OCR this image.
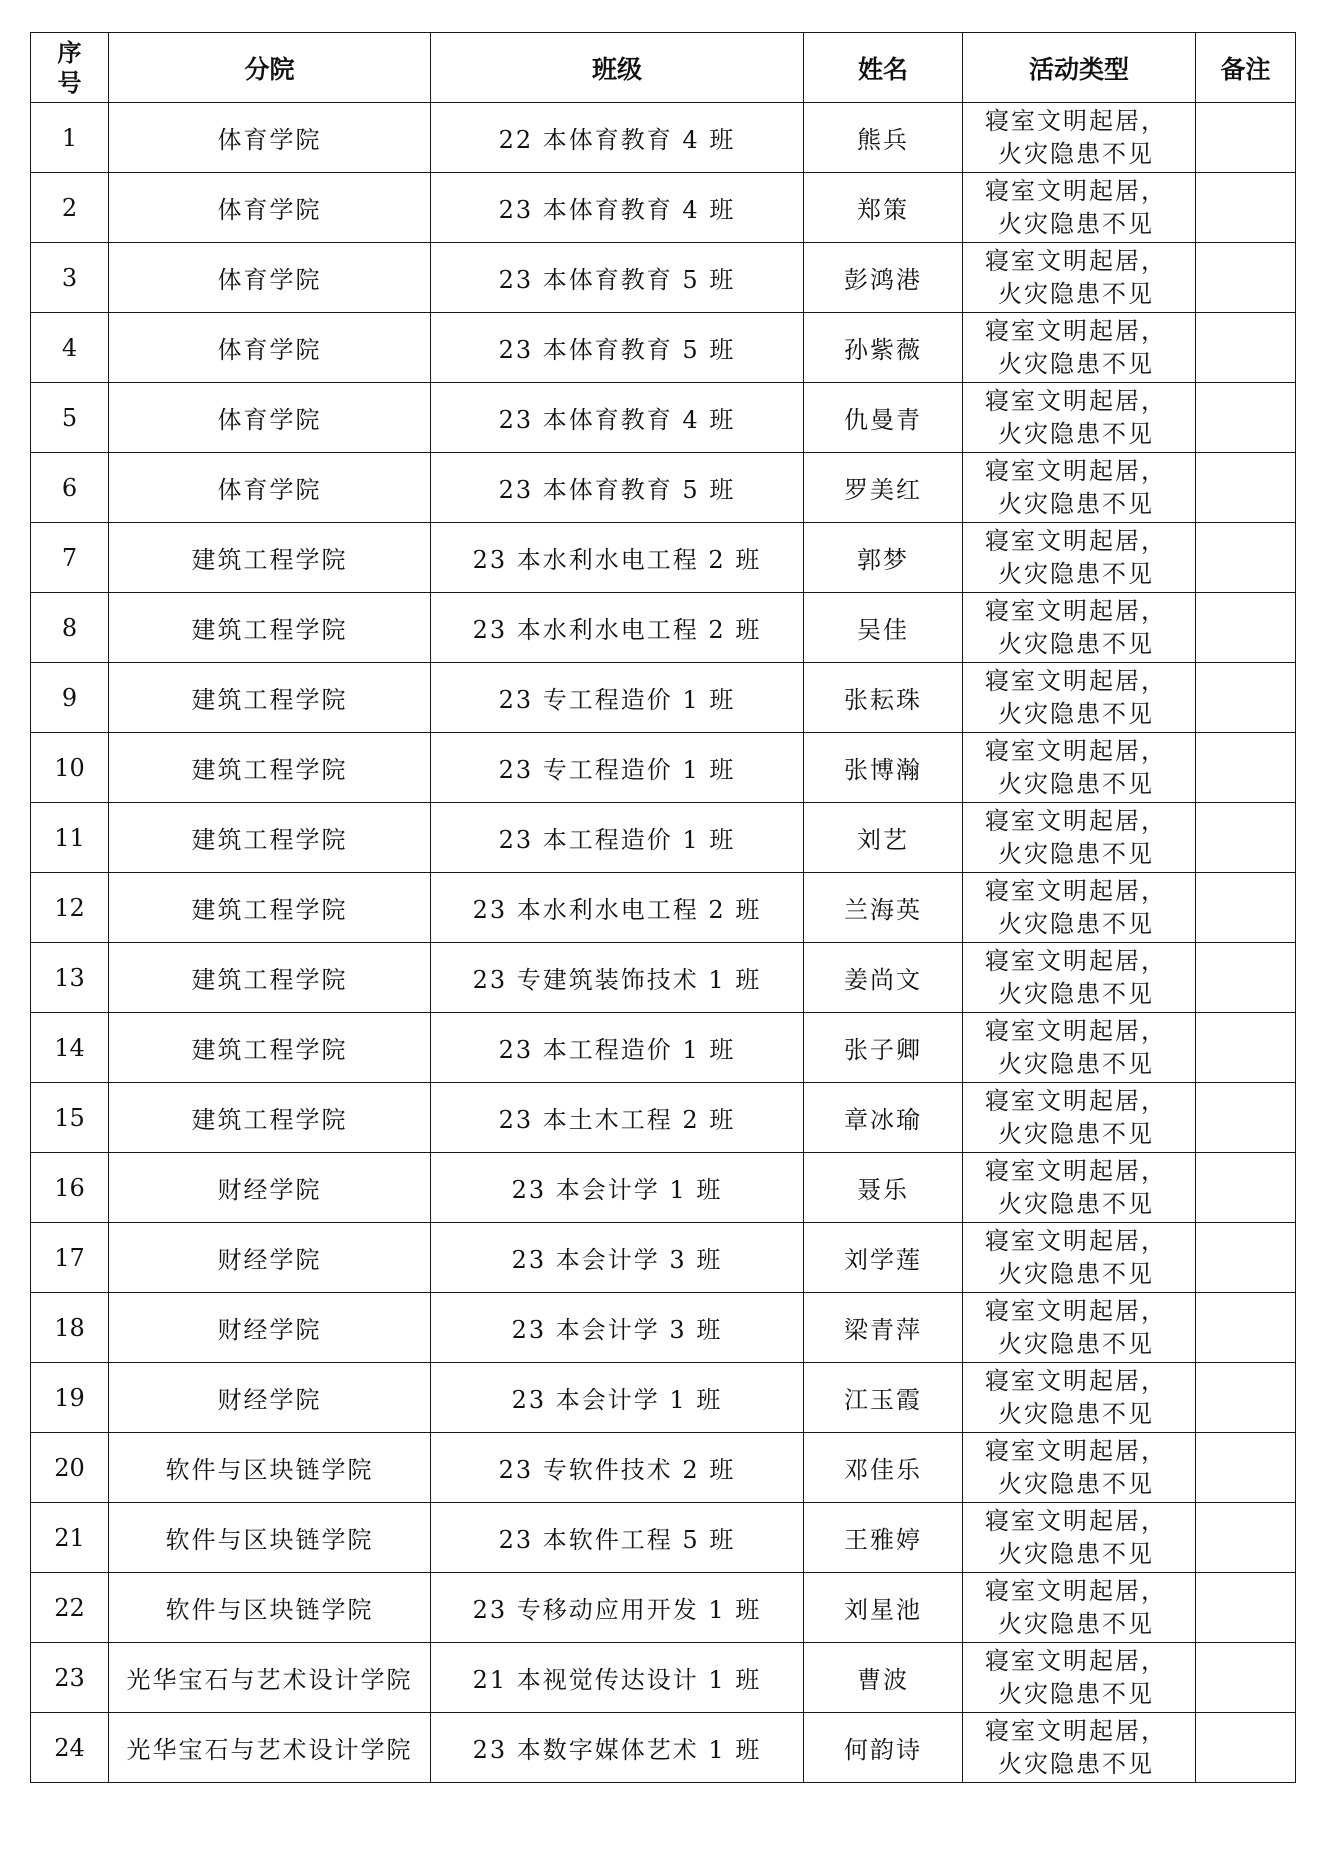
序号	分院	班级	姓名	活动类型	备注
1	体育学院	22 本体育教育 4 班	熊兵	寝室文明起居，
火灾隐患不见	

2	体育学院	23 本体育教育 4 班	郑策	寝室文明起居，
火灾隐患不见	

3	体育学院	23 本体育教育 5 班	彭鸿港	寝室文明起居，
火灾隐患不见	

4	体育学院	23 本体育教育 5 班	孙紫薇	寝室文明起居，
火灾隐患不见	

5	体育学院	23 本体育教育 4 班	仇曼青	寝室文明起居，
火灾隐患不见	

6	体育学院	23 本体育教育 5 班	罗美红	寝室文明起居，
火灾隐患不见	

7	建筑工程学院	23 本水利水电工程 2 班	郭梦	寝室文明起居，
火灾隐患不见	

8	建筑工程学院	23 本水利水电工程 2 班	吴佳	寝室文明起居，
火灾隐患不见	

9	建筑工程学院	23 专工程造价 1 班	张耘珠	寝室文明起居，
火灾隐患不见	

10	建筑工程学院	23 专工程造价 1 班	张博瀚	寝室文明起居，
火灾隐患不见	

11	建筑工程学院	23 本工程造价 1 班	刘艺	寝室文明起居，
火灾隐患不见	

12	建筑工程学院	23 本水利水电工程 2 班	兰海英	寝室文明起居，
火灾隐患不见	

13	建筑工程学院	23 专建筑装饰技术 1 班	姜尚文	寝室文明起居，
火灾隐患不见	

14	建筑工程学院	23 本工程造价 1 班	张子卿	寝室文明起居，
火灾隐患不见	

15	建筑工程学院	23 本土木工程 2 班	章冰瑜	寝室文明起居，
火灾隐患不见	

16	财经学院	23 本会计学 1 班	聂乐	寝室文明起居，
火灾隐患不见	

17	财经学院	23 本会计学 3 班	刘学莲	寝室文明起居，
火灾隐患不见	

18	财经学院	23 本会计学 3 班	梁青萍	寝室文明起居，
火灾隐患不见	

19	财经学院	23 本会计学 1 班	江玉霞	寝室文明起居，
火灾隐患不见	

20	软件与区块链学院	23 专软件技术 2 班	邓佳乐	寝室文明起居，
火灾隐患不见	

21	软件与区块链学院	23 本软件工程 5 班	王雅婷	寝室文明起居，
火灾隐患不见	

22	软件与区块链学院	23 专移动应用开发 1 班	刘星池	寝室文明起居，
火灾隐患不见	

23	光华宝石与艺术设计学院	21 本视觉传达设计 1 班	曹波	寝室文明起居，
火灾隐患不见	

24	光华宝石与艺术设计学院	23 本数字媒体艺术 1 班	何韵诗	寝室文明起居，
火灾隐患不见	
